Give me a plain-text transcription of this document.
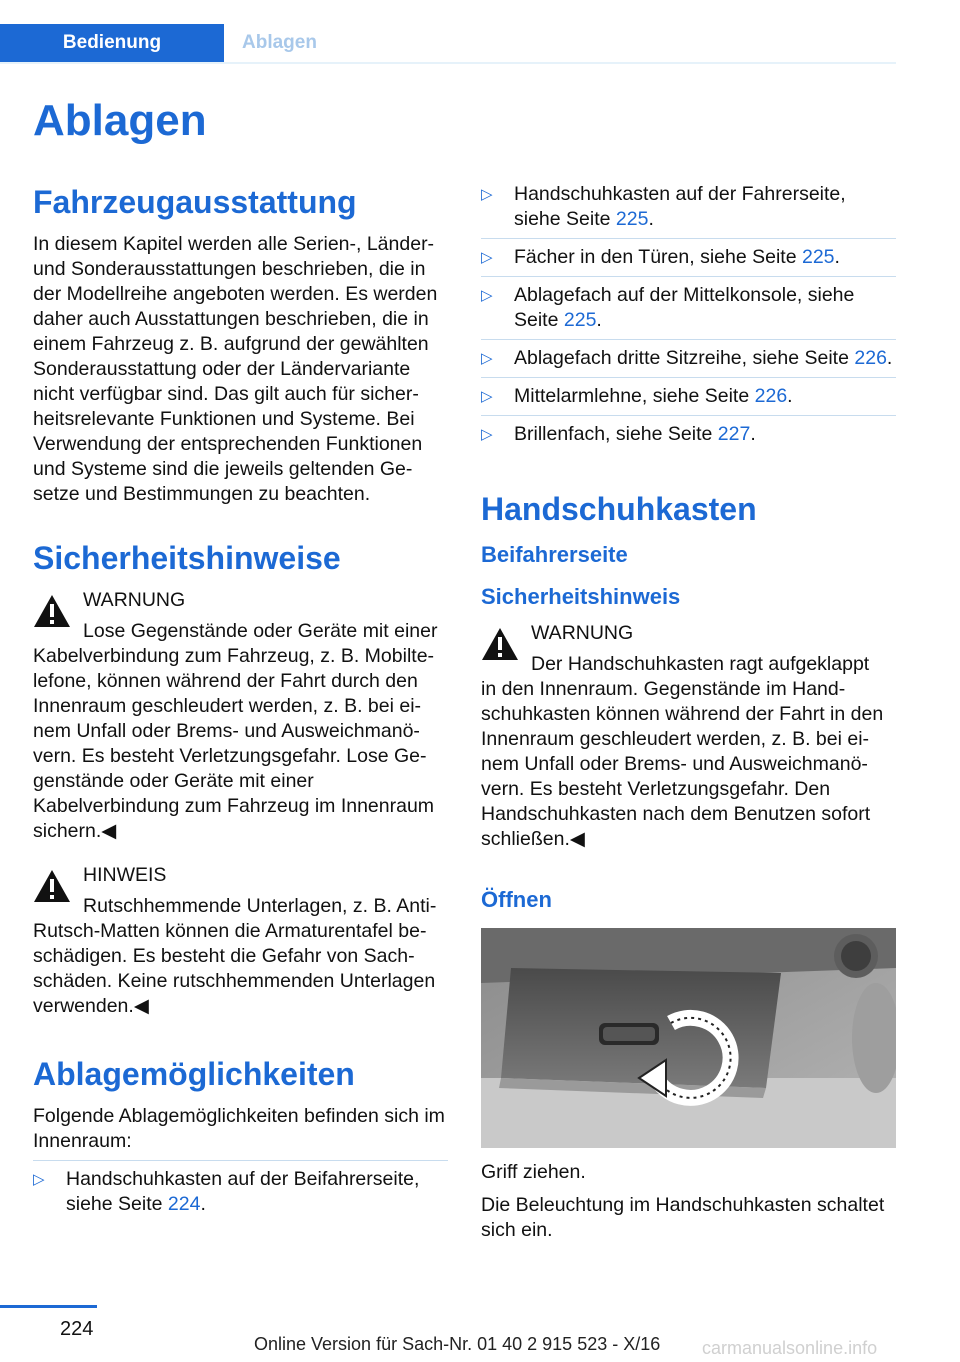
Bedienung	Ablagen
Ablagen
Fahrzeugausstattung

In diesem Kapitel werden alle Serien-, Länder- und Sonderausstattungen beschrieben, die in der Modellreihe angeboten werden. Es werden daher auch Ausstattungen beschrieben, die in einem Fahrzeug z. B. aufgrund der gewählten Sonderausstattung oder der Ländervariante nicht verfügbar sind. Das gilt auch für sicher‐ heitsrelevante Funktionen und Systeme. Bei Verwendung der entsprechenden Funktionen und Systeme sind die jeweils geltenden Ge‐ setze und Bestimmungen zu beachten.

Sicherheitshinweise

WARNUNG

Lose Gegenstände oder Geräte mit einer

Kabelverbindung zum Fahrzeug, z. B. Mobilte‐ lefone, können während der Fahrt durch den Innenraum geschleudert werden, z. B. bei ei‐ nem Unfall oder Brems- und Ausweichmanö‐ vern. Es besteht Verletzungsgefahr. Lose Ge‐ genstände oder Geräte mit einer Kabelverbindung zum Fahrzeug im Innenraum sichern.◀

HINWEIS

Rutschhemmende Unterlagen, z. B. Anti-

Rutsch-Matten können die Armaturentafel be‐ schädigen. Es besteht die Gefahr von Sach‐ schäden. Keine rutschhemmenden Unterlagen verwenden.◀

Ablagemöglichkeiten

Folgende Ablagemöglichkeiten befinden sich im Innenraum:

▷ Handschuhkasten auf der Beifahrerseite, siehe Seite 224.
▷ Handschuhkasten auf der Fahrerseite, siehe Seite 225.
▷ Fächer in den Türen, siehe Seite 225.
▷ Ablagefach auf der Mittelkonsole, siehe Seite 225.
▷ Ablagefach dritte Sitzreihe, siehe Seite 226.
▷ Mittelarmlehne, siehe Seite 226.
▷ Brillenfach, siehe Seite 227.
Handschuhkasten
Beifahrerseite
Sicherheitshinweis

WARNUNG

Der Handschuhkasten ragt aufgeklappt

in den Innenraum. Gegenstände im Hand‐ schuhkasten können während der Fahrt in den Innenraum geschleudert werden, z. B. bei ei‐ nem Unfall oder Brems- und Ausweichmanö‐ vern. Es besteht Verletzungsgefahr. Den Handschuhkasten nach dem Benutzen sofort schließen.◀

Öffnen

Griff ziehen.

Die Beleuchtung im Handschuhkasten schaltet sich ein.

224
Online Version für Sach-Nr. 01 40 2 915 523 - X/16 carmanualsonline.info
